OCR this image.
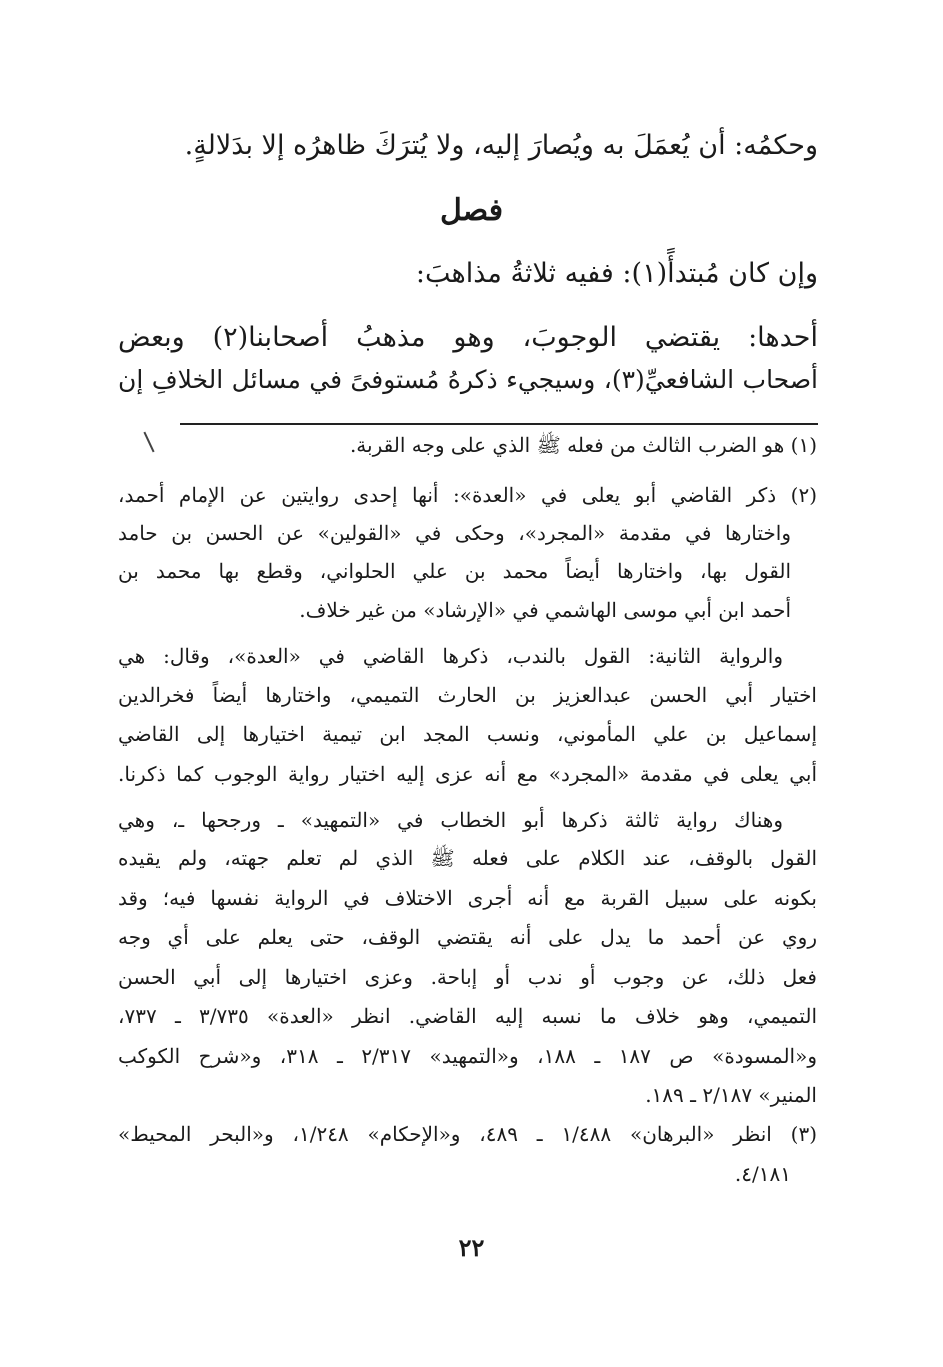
وحكمُه: أن يُعمَلَ به ويُصارَ إليه، ولا يُترَكَ ظاهرُه إلا بدَلالةٍ.
فصل
وإن كان مُبتدأً(١): ففيه ثلاثةُ مذاهبَ:
أحدها: يقتضي الوجوبَ، وهو مذهبُ أصحابنا(٢) وبعض
أصحاب الشافعيِّ(٣)، وسيجيء ذكرهُ مُستوفىً في مسائل الخلافِ إن
(١) هو الضرب الثالث من فعله ﷺ الذي على وجه القربة.
(٢) ذكر القاضي أبو يعلى في «العدة»: أنها إحدى روايتين عن الإمام أحمد،
واختارها في مقدمة «المجرد»، وحكى في «القولين» عن الحسن بن حامد
القول بها، واختارها أيضاً محمد بن علي الحلواني، وقطع بها محمد بن
أحمد ابن أبي موسى الهاشمي في «الإرشاد» من غير خلاف.
والرواية الثانية: القول بالندب، ذكرها القاضي في «العدة»، وقال: هي
اختيار أبي الحسن عبدالعزيز بن الحارث التميمي، واختارها أيضاً فخرالدين
إسماعيل بن علي المأموني، ونسب المجد ابن تيمية اختيارها إلى القاضي
أبي يعلى في مقدمة «المجرد» مع أنه عزى إليه اختيار رواية الوجوب كما ذكرنا.
وهناك رواية ثالثة ذكرها أبو الخطاب في «التمهيد» ـ ورجحها ـ، وهي
القول بالوقف، عند الكلام على فعله ﷺ الذي لم تعلم جهته، ولم يقيده
بكونه على سبيل القربة مع أنه أجرى الاختلاف في الرواية نفسها فيه؛ وقد
روي عن أحمد ما يدل على أنه يقتضي الوقف، حتى يعلم على أي وجه
فعل ذلك، عن وجوب أو ندب أو إباحة. وعزى اختيارها إلى أبي الحسن
التميمي، وهو خلاف ما نسبه إليه القاضي. انظر «العدة» ٣/٧٣٥ ـ ٧٣٧،
و«المسودة» ص ١٨٧ ـ ١٨٨، و«التمهيد» ٢/٣١٧ ـ ٣١٨، و«شرح الكوكب
المنير» ٢/١٨٧ ـ ١٨٩.
(٣) انظر «البرهان» ١/٤٨٨ ـ ٤٨٩، و«الإحكام» ١/٢٤٨، و«البحر المحيط»
٤/١٨١.
٢٢
